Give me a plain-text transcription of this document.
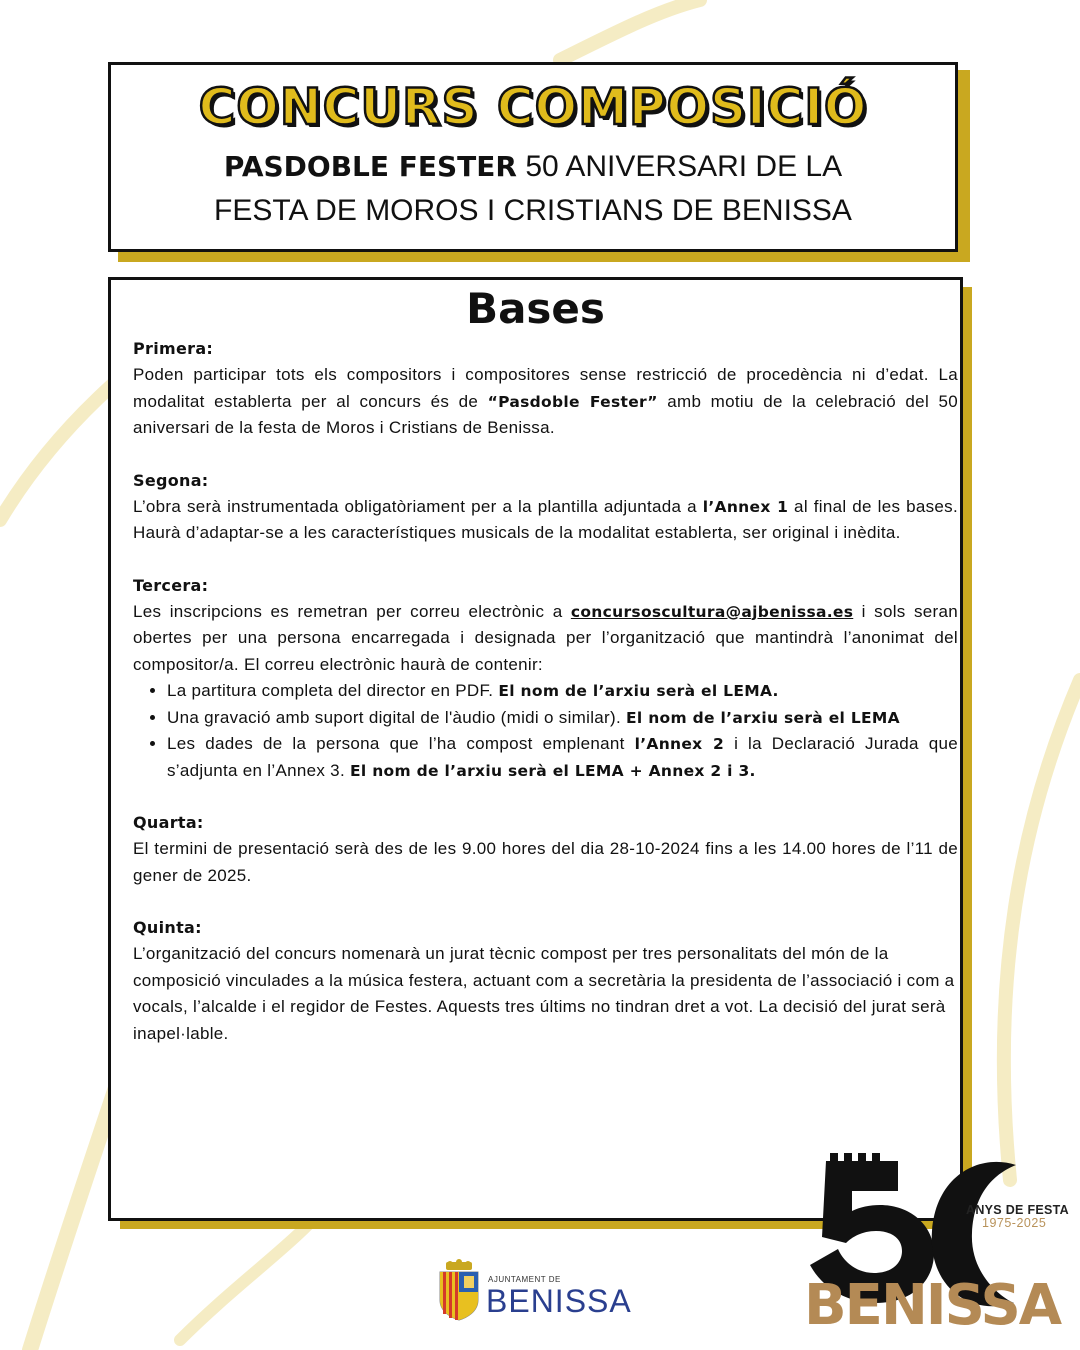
CONCURS COMPOSICIÓ
PASDOBLE FESTER 50 ANIVERSARI DE LA
FESTA DE MOROS I CRISTIANS DE BENISSA
Bases
Primera:

Poden participar tots els compositors i compositores sense restricció de procedència ni d’edat. La modalitat establerta per al concurs és de “Pasdoble Fester” amb motiu de la celebració del 50 aniversari de la festa de Moros i Cristians de Benissa.

Segona:

L’obra serà instrumentada obligatòriament per a la plantilla adjuntada a l’Annex 1 al final de les bases. Haurà d’adaptar-se a les característiques musicals de la modalitat establerta, ser original i inèdita.

Tercera:

Les inscripcions es remetran per correu electrònic a concursoscultura@ajbenissa.es i sols seran obertes per una persona encarregada i designada per l’organització que mantindrà l’anonimat del compositor/a. El correu electrònic haurà de contenir:

• La partitura completa del director en PDF. El nom de l’arxiu serà el LEMA.
• Una gravació amb suport digital de l'àudio (midi o similar). El nom de l’arxiu serà el LEMA
• Les dades de la persona que l’ha compost emplenant l’Annex 2 i la Declaració Jurada que s’adjunta en l’Annex 3. El nom de l’arxiu serà el LEMA + Annex 2 i 3.
Quarta:

El termini de presentació serà des de les 9.00 hores del dia 28-10-2024 fins a les 14.00 hores de l’11 de gener de 2025.

Quinta:

L’organització del concurs nomenarà un jurat tècnic compost per tres personalitats del món de la composició vinculades a la música festera, actuant com a secretària la presidenta de l’associació i com a vocals, l’alcalde i el regidor de Festes. Aquests tres últims no tindran dret a vot. La decisió del jurat serà inapel·lable.

AJUNTAMENT DE
BENISSA
ANYS DE FESTA
1975-2025
BENISSA
